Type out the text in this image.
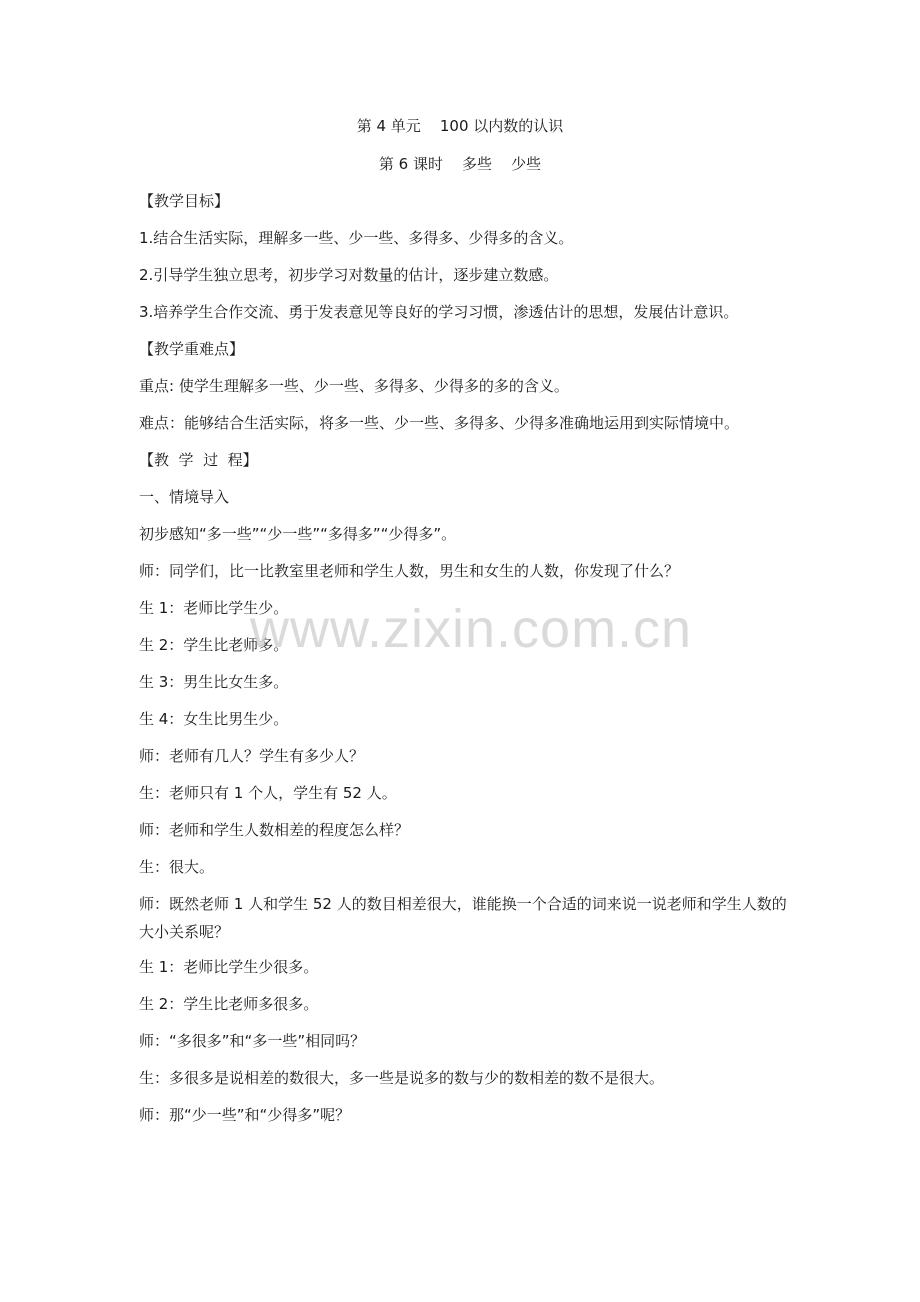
第 4 单元    100 以内数的认识
第 6 课时    多些    少些
【教学目标】
1.结合生活实际，理解多一些、少一些、多得多、少得多的含义。
2.引导学生独立思考，初步学习对数量的估计，逐步建立数感。
3.培养学生合作交流、勇于发表意见等良好的学习习惯，渗透估计的思想，发展估计意识。
【教学重难点】
重点: 使学生理解多一些、少一些、多得多、少得多的多的含义。
难点：能够结合生活实际，将多一些、少一些、多得多、少得多准确地运用到实际情境中。
【教  学  过  程】
一、情境导入
初步感知“多一些”“少一些”“多得多”“少得多”。
师：同学们，比一比教室里老师和学生人数，男生和女生的人数，你发现了什么？
生 1：老师比学生少。
生 2：学生比老师多。
生 3：男生比女生多。
生 4：女生比男生少。
师：老师有几人？学生有多少人？
生：老师只有 1 个人，学生有 52 人。
师：老师和学生人数相差的程度怎么样？
生：很大。
师：既然老师 1 人和学生 52 人的数目相差很大，谁能换一个合适的词来说一说老师和学生人数的大小关系呢？
生 1：老师比学生少很多。
生 2：学生比老师多很多。
师：“多很多”和“多一些”相同吗？
生：多很多是说相差的数很大，多一些是说多的数与少的数相差的数不是很大。
师：那“少一些”和“少得多”呢？
www.zixin.com.cn
